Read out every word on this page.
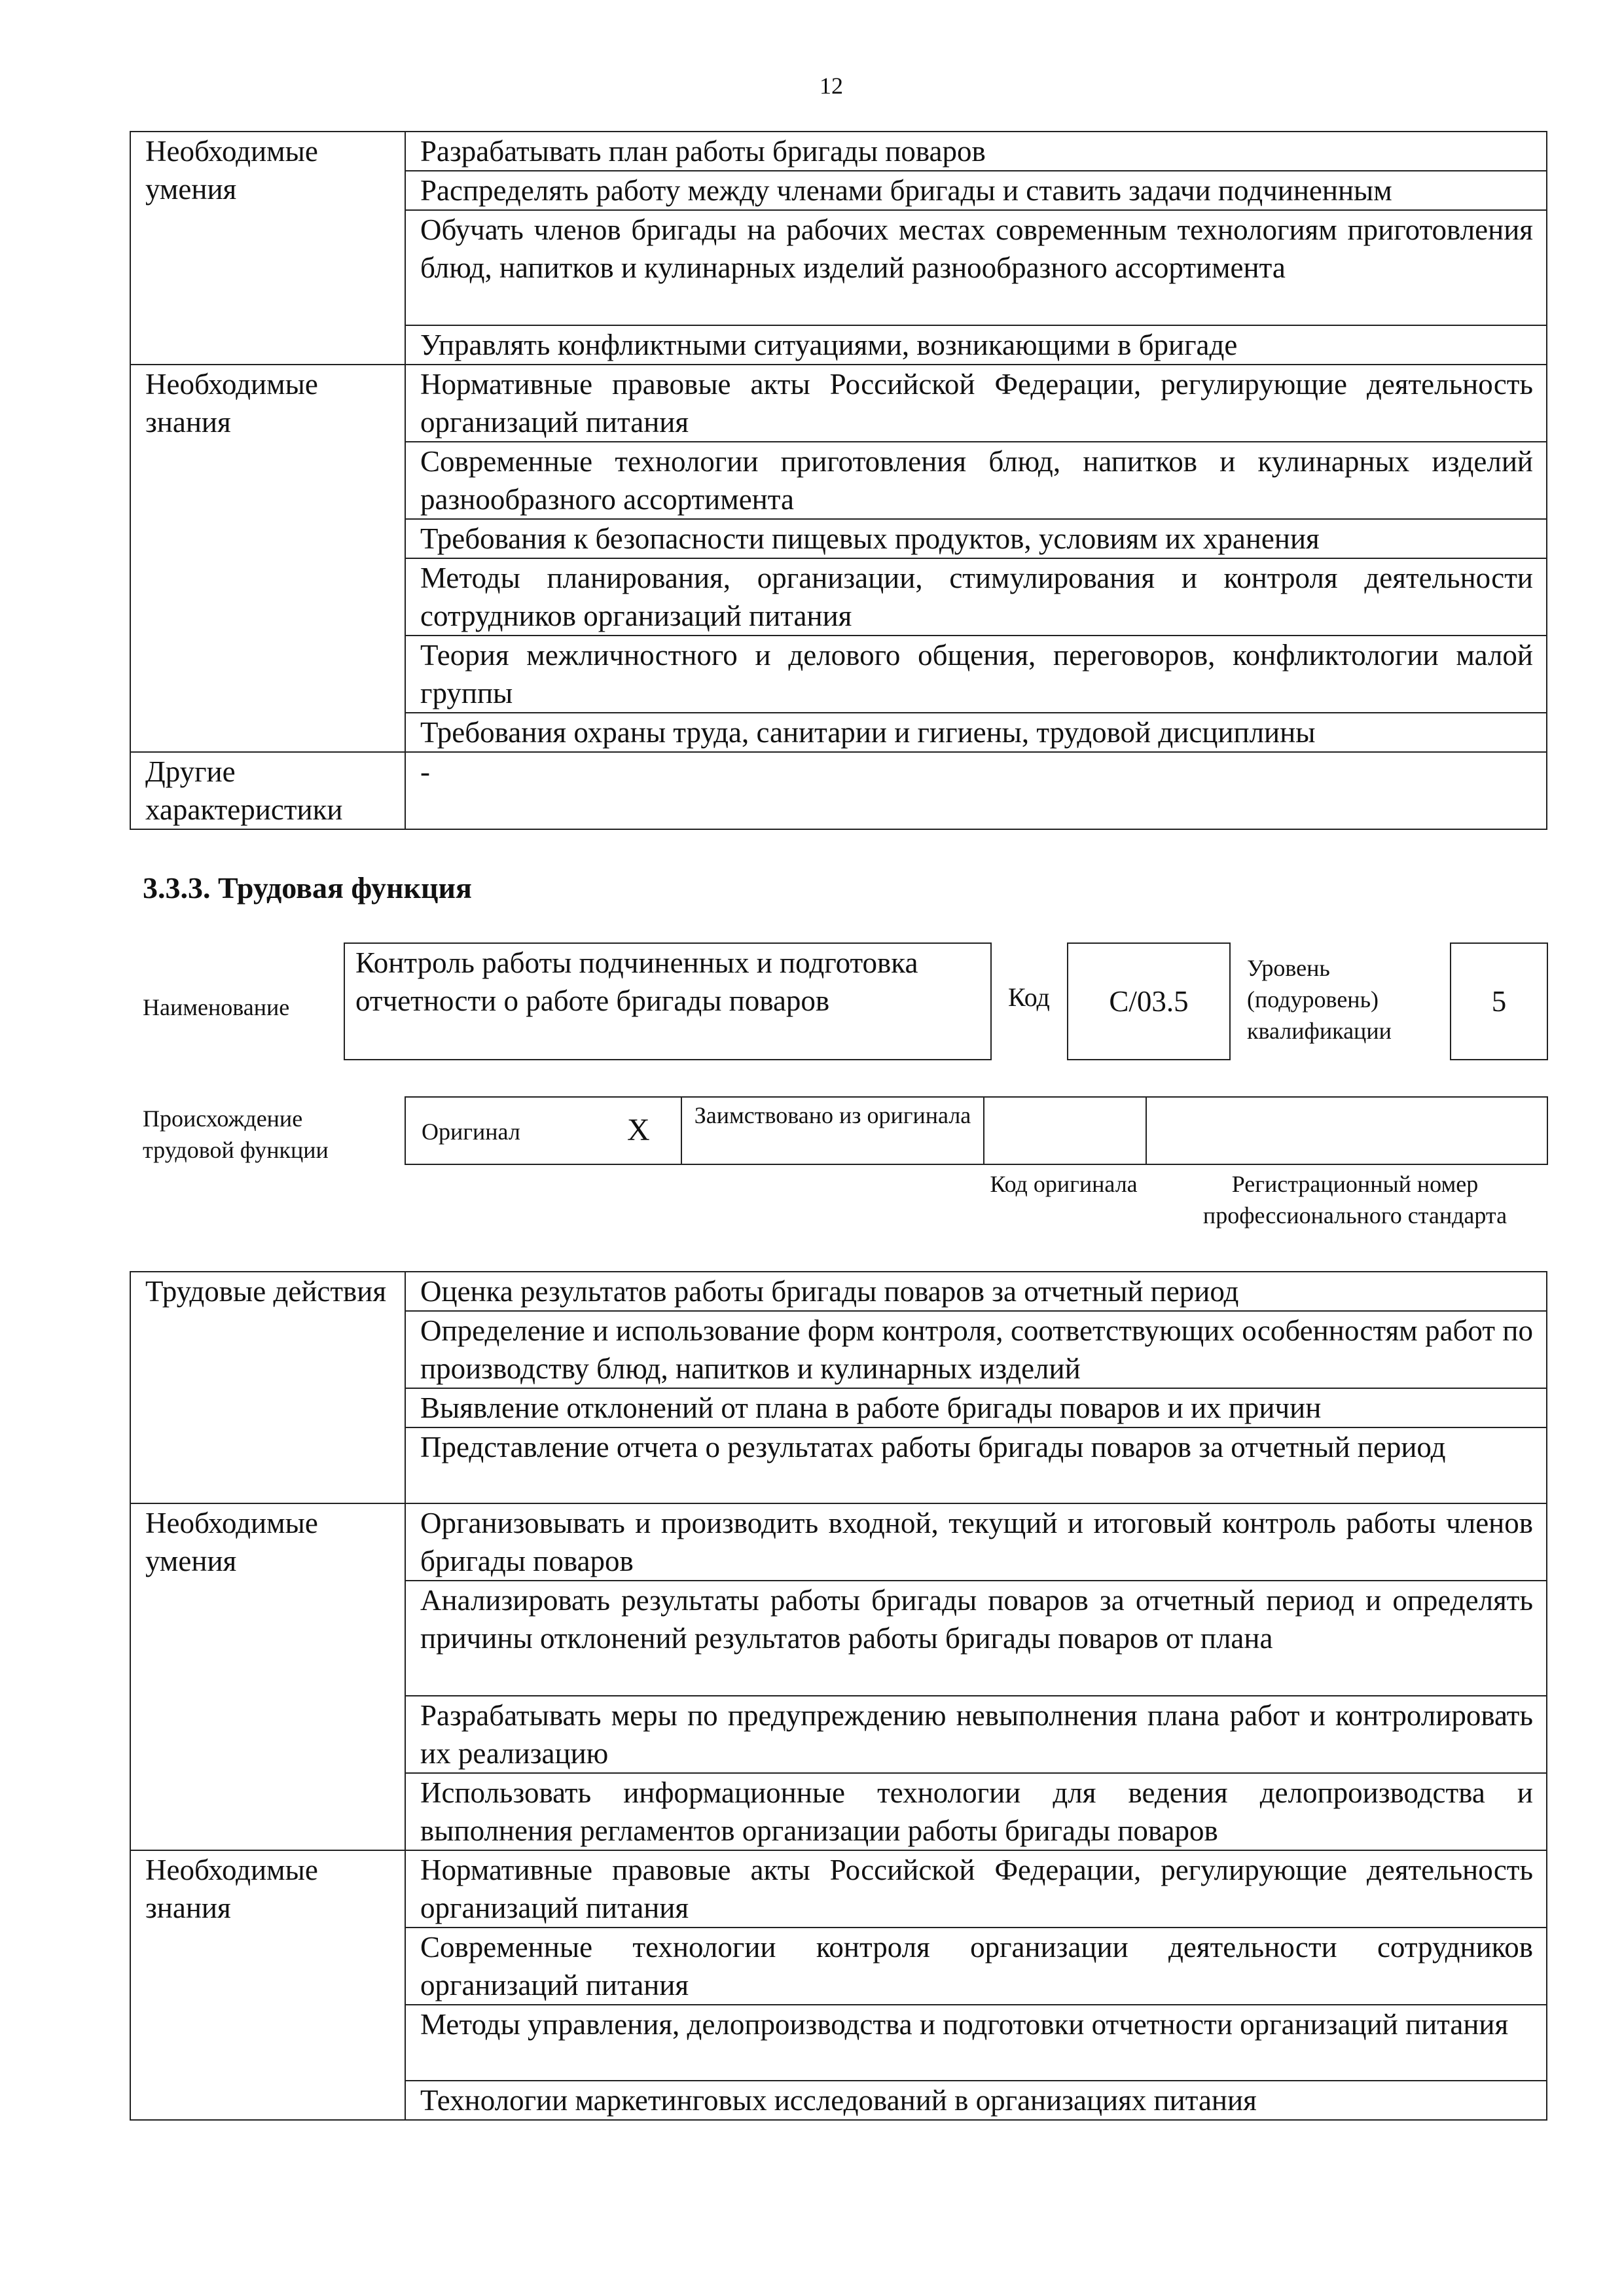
12
Необходимые умения	Разрабатывать план работы бригады поваров
	Распределять работу между членами бригады и ставить задачи подчиненным
	Обучать членов бригады на рабочих местах современным технологиям приготовления блюд, напитков и кулинарных изделий разнообразного ассортимента
	Управлять конфликтными ситуациями, возникающими в бригаде
Необходимые знания	Нормативные правовые акты Российской Федерации, регулирующие деятельность организаций питания
	Современные технологии приготовления блюд, напитков и кулинарных изделий разнообразного ассортимента
	Требования к безопасности пищевых продуктов, условиям их хранения
	Методы планирования, организации, стимулирования и контроля деятельности сотрудников организаций питания
	Теория межличностного и делового общения, переговоров, конфликтологии малой группы
	Требования охраны труда, санитарии и гигиены, трудовой дисциплины
Другие характеристики	-
3.3.3. Трудовая функция
Наименование
Контроль работы подчиненных и подготовка отчетности о работе бригады поваров	Код C/03.5
Уровень (подуровень) квалификации
5
Происхождение трудовой функции
Оригинал	X	Заимствовано из оригинала
Код оригинала	Регистрационный номер профессионального стандарта
Трудовые действия	Оценка результатов работы бригады поваров за отчетный период
	Определение и использование форм контроля, соответствующих особенностям работ по производству блюд, напитков и кулинарных изделий
	Выявление отклонений от плана в работе бригады поваров и их причин
	Представление отчета о результатах работы бригады поваров за отчетный период
Необходимые умения	Организовывать и производить входной, текущий и итоговый контроль работы членов бригады поваров
	Анализировать результаты работы бригады поваров за отчетный период и определять причины отклонений результатов работы бригады поваров от плана
	Разрабатывать меры по предупреждению невыполнения плана работ и контролировать их реализацию
	Использовать информационные технологии для ведения делопроизводства и выполнения регламентов организации работы бригады поваров
Необходимые знания	Нормативные правовые акты Российской Федерации, регулирующие деятельность организаций питания
	Современные технологии контроля организации деятельности сотрудников организаций питания
	Методы управления, делопроизводства и подготовки отчетности организаций питания
	Технологии маркетинговых исследований в организациях питания
